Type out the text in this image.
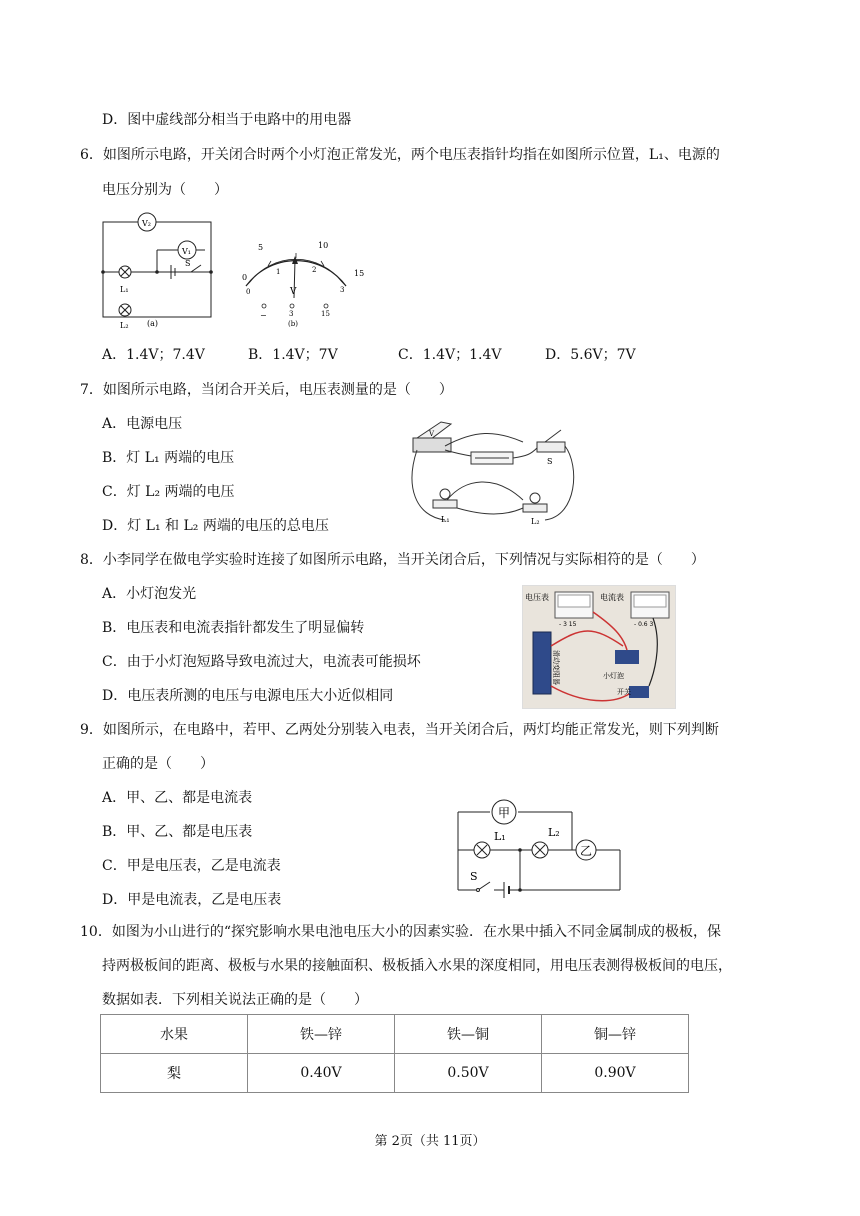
D．图中虚线部分相当于电路中的用电器
6．如图所示电路，开关闭合时两个小灯泡正常发光，两个电压表指针均指在如图所示位置，L₁、电源的
电压分别为（　　）
V₂
V₁
S
L₁
L₂ (a)
0
5	10
15
0
1	2
3
V
−	3	15
(b)
A．1.4V；7.4V	B．1.4V；7V	C．1.4V；1.4V	D．5.6V；7V
7．如图所示电路，当闭合开关后，电压表测量的是（　　）
A．电源电压
B．灯 L₁ 两端的电压
C．灯 L₂ 两端的电压
D．灯 L₁ 和 L₂ 两端的电压的总电压
V
S
L₁	L₂
8．小李同学在做电学实验时连接了如图所示电路，当开关闭合后，下列情况与实际相符的是（　　）
A．小灯泡发光
B．电压表和电流表指针都发生了明显偏转
C．由于小灯泡短路导致电流过大，电流表可能损坏
D．电压表所测的电压与电源电压大小近似相同
电压表	电流表
- 3 15	- 0.6 3
滑动变阻器	小灯泡
开关
9．如图所示，在电路中，若甲、乙两处分别装入电表，当开关闭合后，两灯均能正常发光，则下列判断
正确的是（　　）
A．甲、乙、都是电流表
B．甲、乙、都是电压表
C．甲是电压表，乙是电流表
D．甲是电流表，乙是电压表
甲
乙
L₁	L₂
S
10．如图为小山进行的“探究影响水果电池电压大小的因素实验．在水果中插入不同金属制成的极板，保
持两极板间的距离、极板与水果的接触面积、极板插入水果的深度相同，用电压表测得极板间的电压，
数据如表．下列相关说法正确的是（　　）
水果	铁—锌	铁—铜	铜—锌
梨	0.40V	0.50V	0.90V
第 2页（共 11页）
